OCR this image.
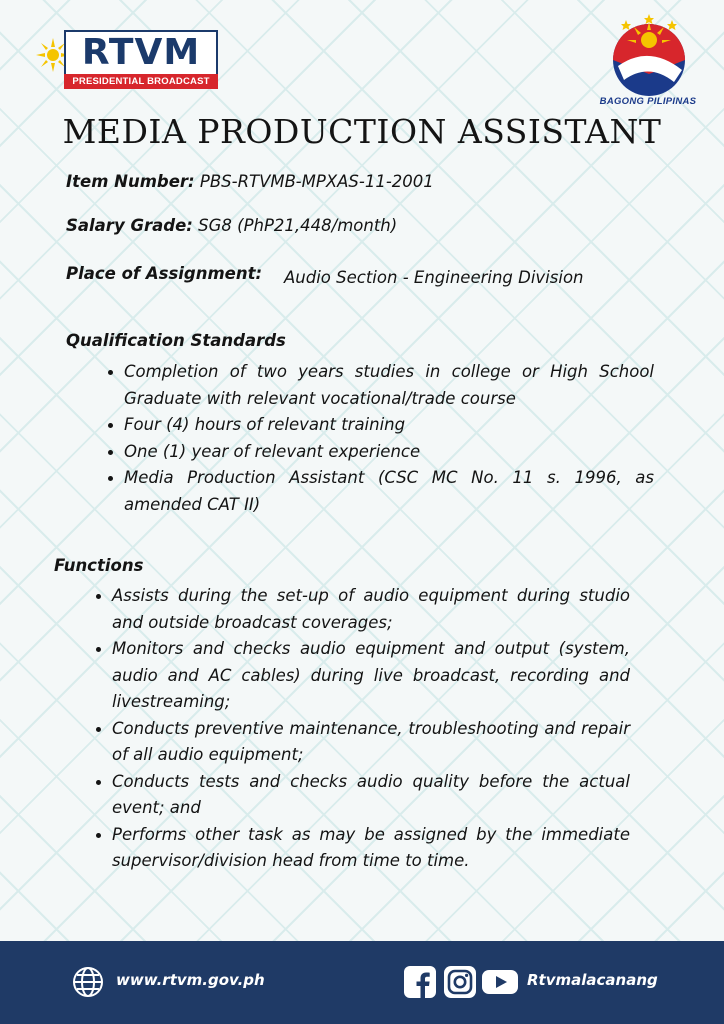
RTVM
PRESIDENTIAL BROADCAST
BAGONG PILIPINAS
MEDIA PRODUCTION ASSISTANT
Item Number: PBS-RTVMB-MPXAS-11-2001
Salary Grade: SG8 (PhP21,448/month)
Place of Assignment: Audio Section - Engineering Division
Qualification Standards
Completion of two years studies in college or High School Graduate with relevant vocational/trade course
Four (4) hours of relevant training
One (1) year of relevant experience
Media Production Assistant (CSC MC No. 11 s. 1996, as amended CAT II)
Functions
Assists during the set-up of audio equipment during studio and outside broadcast coverages;
Monitors and checks audio equipment and output (system, audio and AC cables) during live broadcast, recording and livestreaming;
Conducts preventive maintenance, troubleshooting and repair of all audio equipment;
Conducts tests and checks audio quality before the actual event; and
Performs other task as may be assigned by the immediate supervisor/division head from time to time.
www.rtvm.gov.ph	Rtvmalacanang
